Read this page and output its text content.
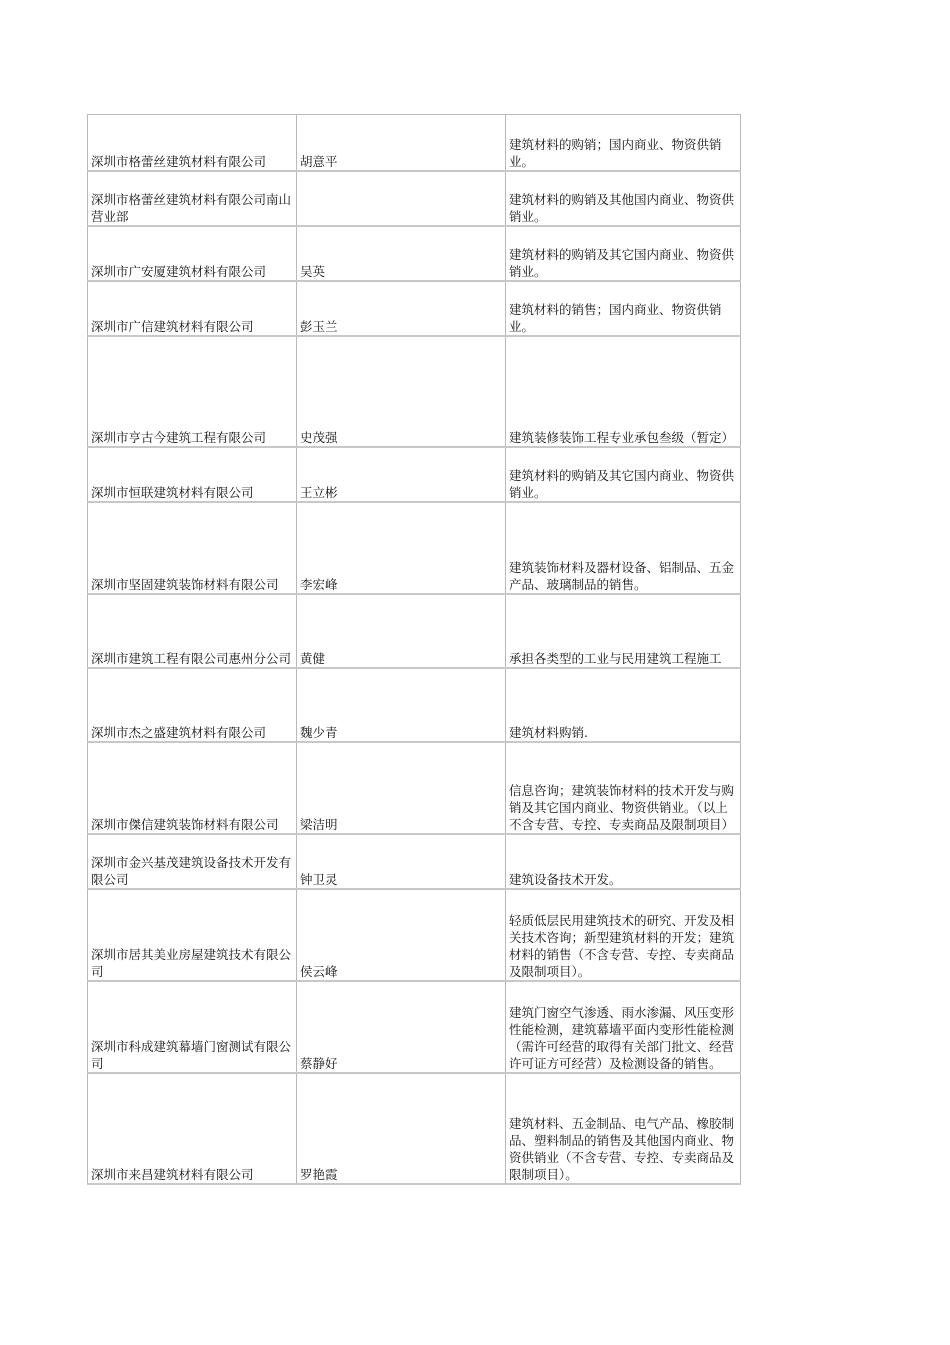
深圳市格蕾丝建筑材料有限公司	胡意平	建筑材料的购销；国内商业、物资供销业。
深圳市格蕾丝建筑材料有限公司南山营业部		建筑材料的购销及其他国内商业、物资供销业。
深圳市广安厦建筑材料有限公司	吴英	建筑材料的购销及其它国内商业、物资供销业。
深圳市广信建筑材料有限公司	彭玉兰	建筑材料的销售；国内商业、物资供销业。
深圳市亨古今建筑工程有限公司	史茂强	建筑装修装饰工程专业承包叁级（暂定）
深圳市恒联建筑材料有限公司	王立彬	建筑材料的购销及其它国内商业、物资供销业。
深圳市坚固建筑装饰材料有限公司	李宏峰	建筑装饰材料及器材设备、铝制品、五金产品、玻璃制品的销售。
深圳市建筑工程有限公司惠州分公司	黄健	承担各类型的工业与民用建筑工程施工
深圳市杰之盛建筑材料有限公司	魏少青	建筑材料购销.
深圳市傑信建筑装饰材料有限公司	梁洁明	信息咨询；建筑装饰材料的技术开发与购销及其它国内商业、物资供销业。（以上不含专营、专控、专卖商品及限制项目）
深圳市金兴基茂建筑设备技术开发有限公司	钟卫灵	建筑设备技术开发。
深圳市居其美业房屋建筑技术有限公司	侯云峰	轻质低层民用建筑技术的研究、开发及相关技术咨询；新型建筑材料的开发；建筑材料的销售（不含专营、专控、专卖商品及限制项目）。
深圳市科成建筑幕墙门窗测试有限公司	蔡静好	建筑门窗空气渗透、雨水渗漏、风压变形性能检测，建筑幕墙平面内变形性能检测（需许可经营的取得有关部门批文、经营许可证方可经营）及检测设备的销售。
深圳市来昌建筑材料有限公司	罗艳霞	建筑材料、五金制品、电气产品、橡胶制品、塑料制品的销售及其他国内商业、物资供销业（不含专营、专控、专卖商品及限制项目）。
